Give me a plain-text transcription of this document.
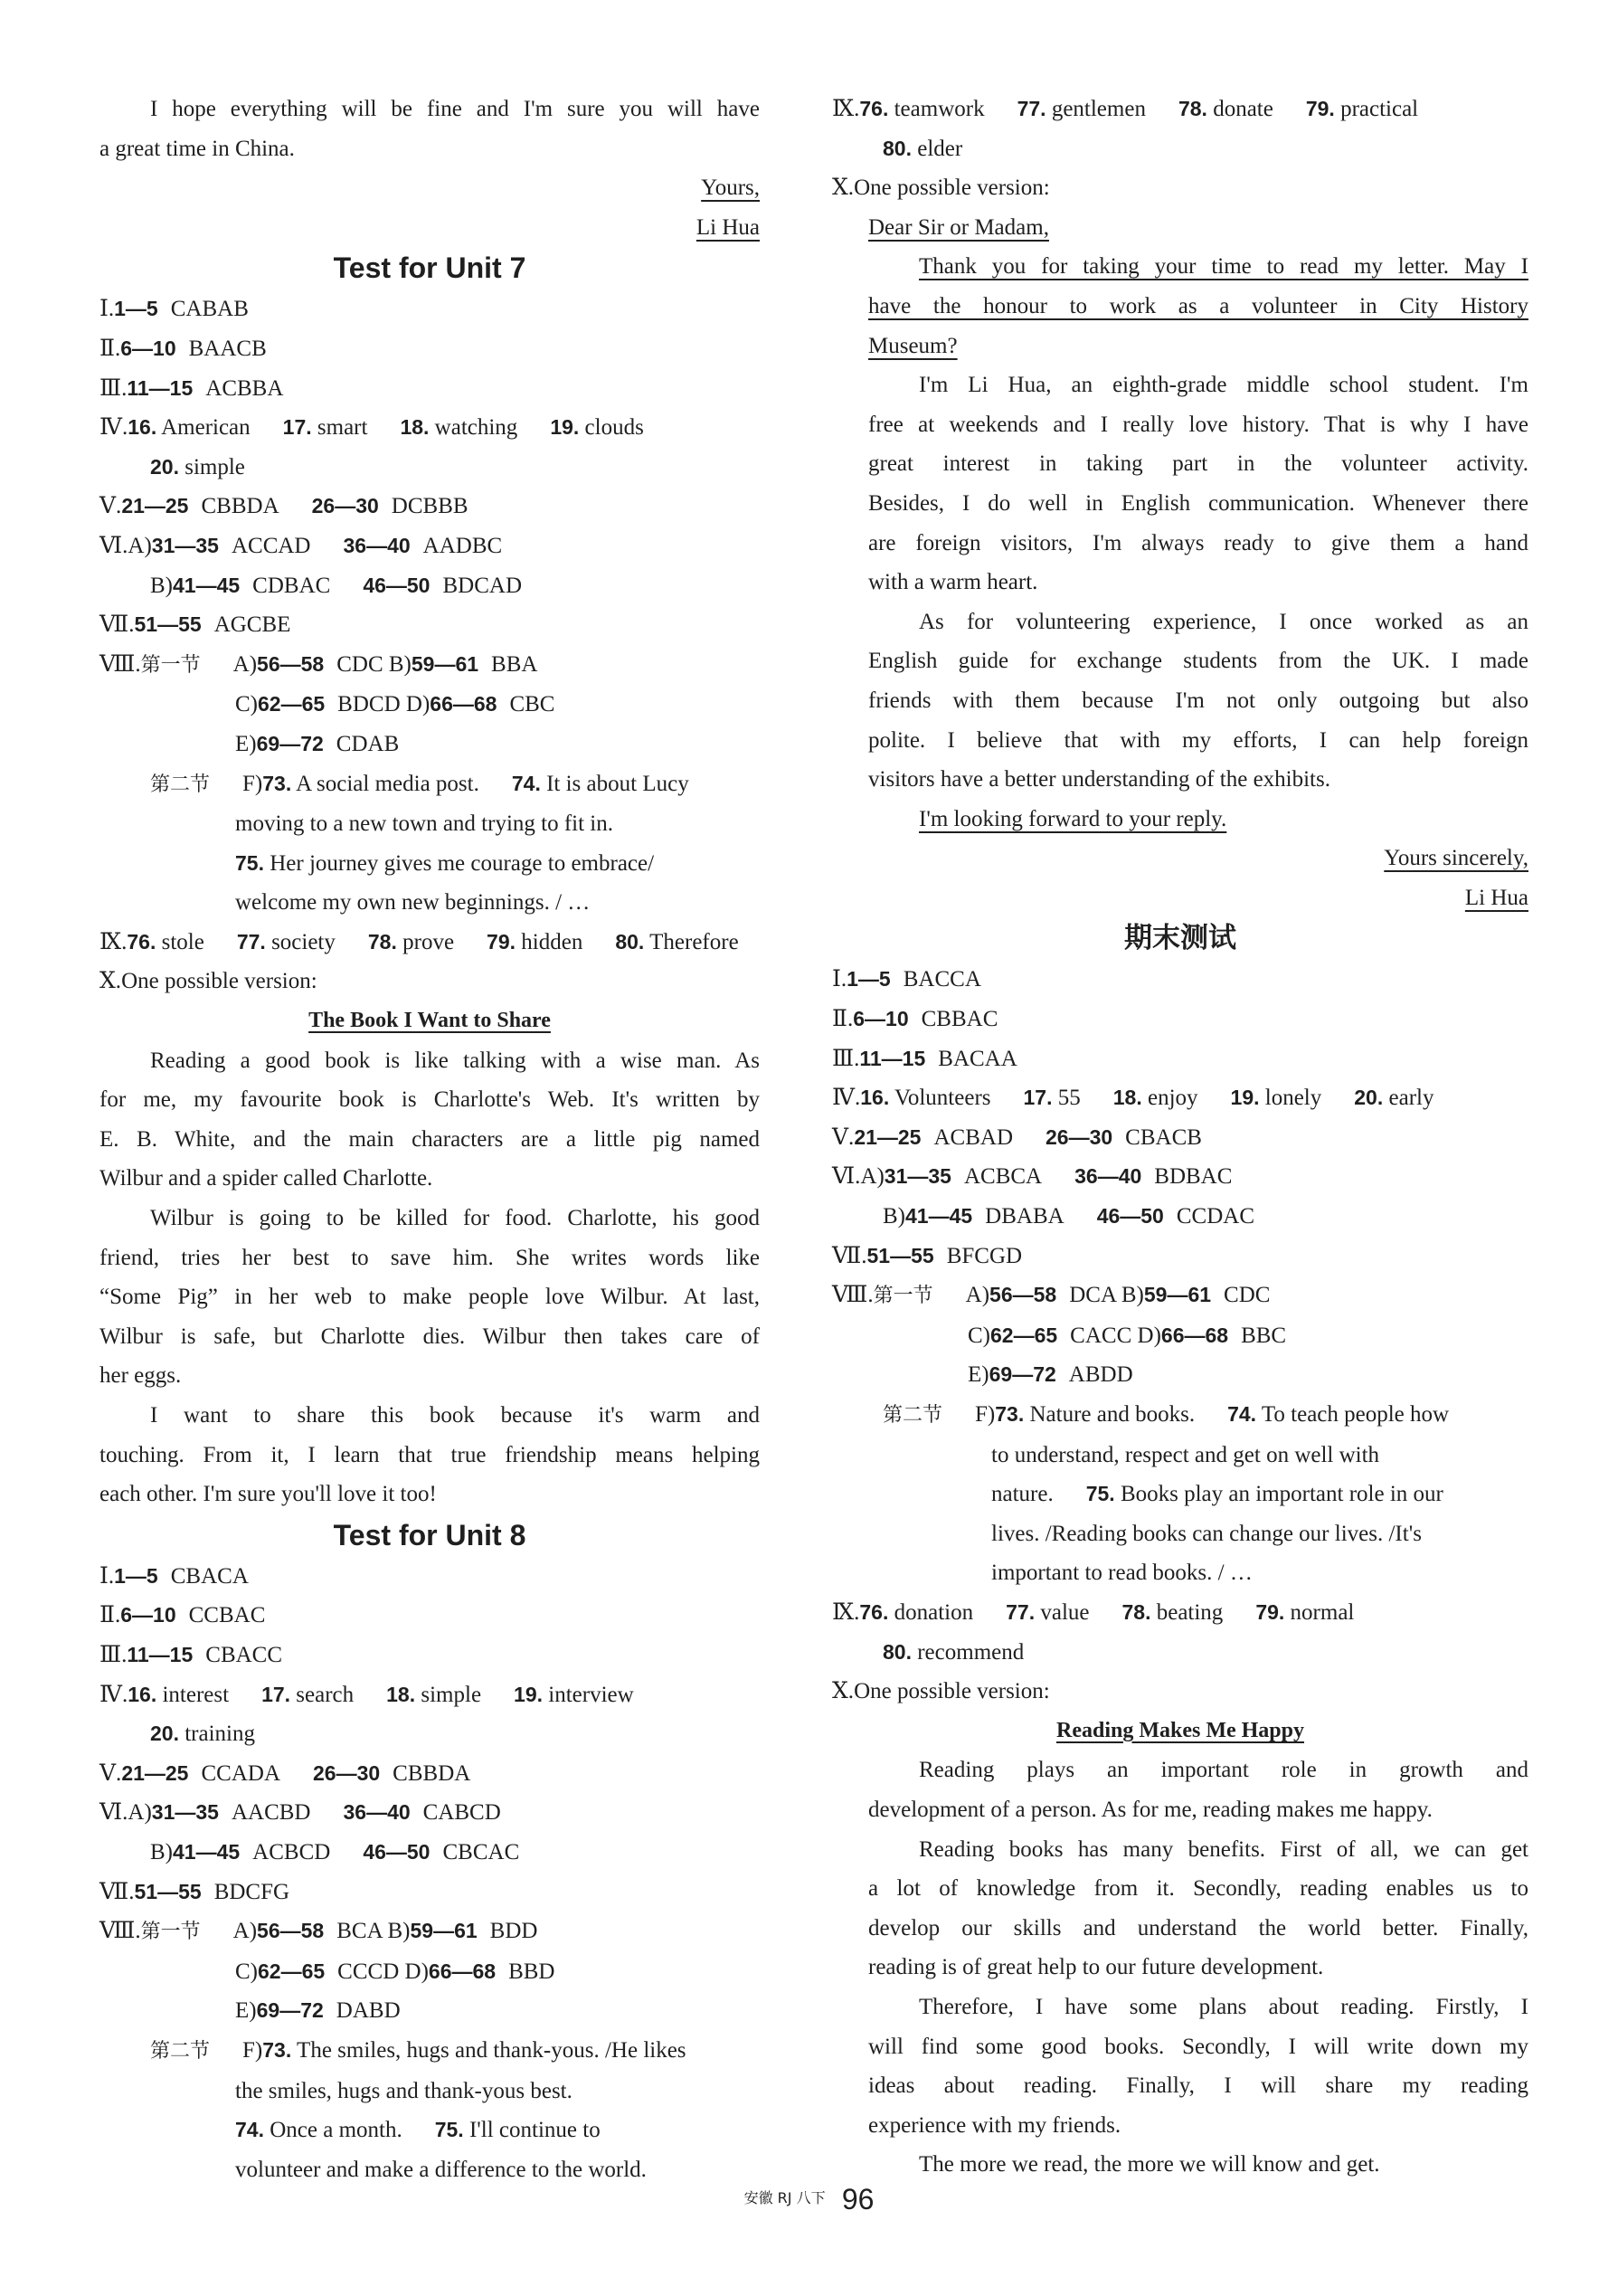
I hope everything will be fine and I'm sure you will have
a great time in China.
Yours,
Li Hua
Test for Unit 7
Ⅰ.1—5 CABAB
Ⅱ.6—10 BAACB
Ⅲ.11—15 ACBBA
Ⅳ.16. American 17. smart 18. watching 19. clouds
20. simple
Ⅴ.21—25 CBBDA 26—30 DCBBB
Ⅵ.A)31—35 ACCAD 36—40 AADBC
B)41—45 CDBAC 46—50 BDCAD
Ⅶ.51—55 AGCBE
Ⅷ.第一节 A)56—58 CDC B)59—61 BBA
C)62—65 BDCD D)66—68 CBC
E)69—72 CDAB
第二节 F)73. A social media post. 74. It is about Lucy
moving to a new town and trying to fit in.
75. Her journey gives me courage to embrace/
welcome my own new beginnings. / …
Ⅸ.76. stole 77. society 78. prove 79. hidden 80. Therefore
Ⅹ.One possible version:
The Book I Want to Share
Reading a good book is like talking with a wise man. As
for me, my favourite book is Charlotte's Web. It's written by
E. B. White, and the main characters are a little pig named
Wilbur and a spider called Charlotte.
Wilbur is going to be killed for food. Charlotte, his good
friend, tries her best to save him. She writes words like
“Some Pig” in her web to make people love Wilbur. At last,
Wilbur is safe, but Charlotte dies. Wilbur then takes care of
her eggs.
I want to share this book because it's warm and
touching. From it, I learn that true friendship means helping
each other. I'm sure you'll love it too!
Test for Unit 8
Ⅰ.1—5 CBACA
Ⅱ.6—10 CCBAC
Ⅲ.11—15 CBACC
Ⅳ.16. interest 17. search 18. simple 19. interview
20. training
Ⅴ.21—25 CCADA 26—30 CBBDA
Ⅵ.A)31—35 AACBD 36—40 CABCD
B)41—45 ACBCD 46—50 CBCAC
Ⅶ.51—55 BDCFG
Ⅷ.第一节 A)56—58 BCA B)59—61 BDD
C)62—65 CCCD D)66—68 BBD
E)69—72 DABD
第二节 F)73. The smiles, hugs and thank-yous. /He likes
the smiles, hugs and thank-yous best.
74. Once a month. 75. I'll continue to
volunteer and make a difference to the world.
Ⅸ.76. teamwork 77. gentlemen 78. donate 79. practical
80. elder
Ⅹ.One possible version:
Dear Sir or Madam,
Thank you for taking your time to read my letter. May I
have the honour to work as a volunteer in City History
Museum?
I'm Li Hua, an eighth-grade middle school student. I'm
free at weekends and I really love history. That is why I have
great interest in taking part in the volunteer activity.
Besides, I do well in English communication. Whenever there
are foreign visitors, I'm always ready to give them a hand
with a warm heart.
As for volunteering experience, I once worked as an
English guide for exchange students from the UK. I made
friends with them because I'm not only outgoing but also
polite. I believe that with my efforts, I can help foreign
visitors have a better understanding of the exhibits.
I'm looking forward to your reply.
Yours sincerely,
Li Hua
期末测试
Ⅰ.1—5 BACCA
Ⅱ.6—10 CBBAC
Ⅲ.11—15 BACAA
Ⅳ.16. Volunteers 17. 55 18. enjoy 19. lonely 20. early
Ⅴ.21—25 ACBAD 26—30 CBACB
Ⅵ.A)31—35 ACBCA 36—40 BDBAC
B)41—45 DBABA 46—50 CCDAC
Ⅶ.51—55 BFCGD
Ⅷ.第一节 A)56—58 DCA B)59—61 CDC
C)62—65 CACC D)66—68 BBC
E)69—72 ABDD
第二节 F)73. Nature and books. 74. To teach people how
to understand, respect and get on well with
nature. 75. Books play an important role in our
lives. /Reading books can change our lives. /It's
important to read books. / …
Ⅸ.76. donation 77. value 78. beating 79. normal
80. recommend
Ⅹ.One possible version:
Reading Makes Me Happy
Reading plays an important role in growth and
development of a person. As for me, reading makes me happy.
Reading books has many benefits. First of all, we can get
a lot of knowledge from it. Secondly, reading enables us to
develop our skills and understand the world better. Finally,
reading is of great help to our future development.
Therefore, I have some plans about reading. Firstly, I
will find some good books. Secondly, I will write down my
ideas about reading. Finally, I will share my reading
experience with my friends.
The more we read, the more we will know and get.
安徽 RJ 八下 96
